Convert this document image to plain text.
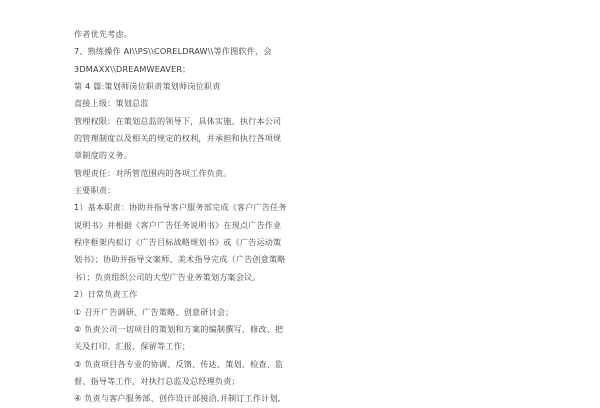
作者优先考虑。
7、熟练操作 AI\\PS\\CORELDRAW\\等作图软件，会
3DMAXX\\DREAMWEAVER；
第 4 篇:策划师岗位职责策划师岗位职责
直接上级：策划总监
管理权限：在策划总监的领导下，具体实施、执行本公司
的管理制度以及相关的规定的权利，并承担和执行各项规
章制度的义务。
管理责任：对所管范围内的各项工作负责。
主要职责：
1）基本职责：协助并指导客户服务部完成《客户广告任务
说明书》并根据《客户广告任务说明书》在现点广告作业
程序框架内拟订《广告目标战略规划书》或《广告运动策
划书》；协助并指导文案师、美术指导完成（广告创意策略
书）；负责组织公司的大型广告业务策划方案会议。
2）日常负责工作
① 召开广告调研、广告策略、创意研讨会；
② 负责公司一切项目的策划和方案的编制撰写、修改、把
关及打印、汇报、保留等工作；
③ 负责项目各专业的协调、反馈、传达、策划、检查、监
督、指导等工作，对执行总监及总经理负责；
④ 负责与客户服务部、创作设计部接洽,并制订工作计划,
